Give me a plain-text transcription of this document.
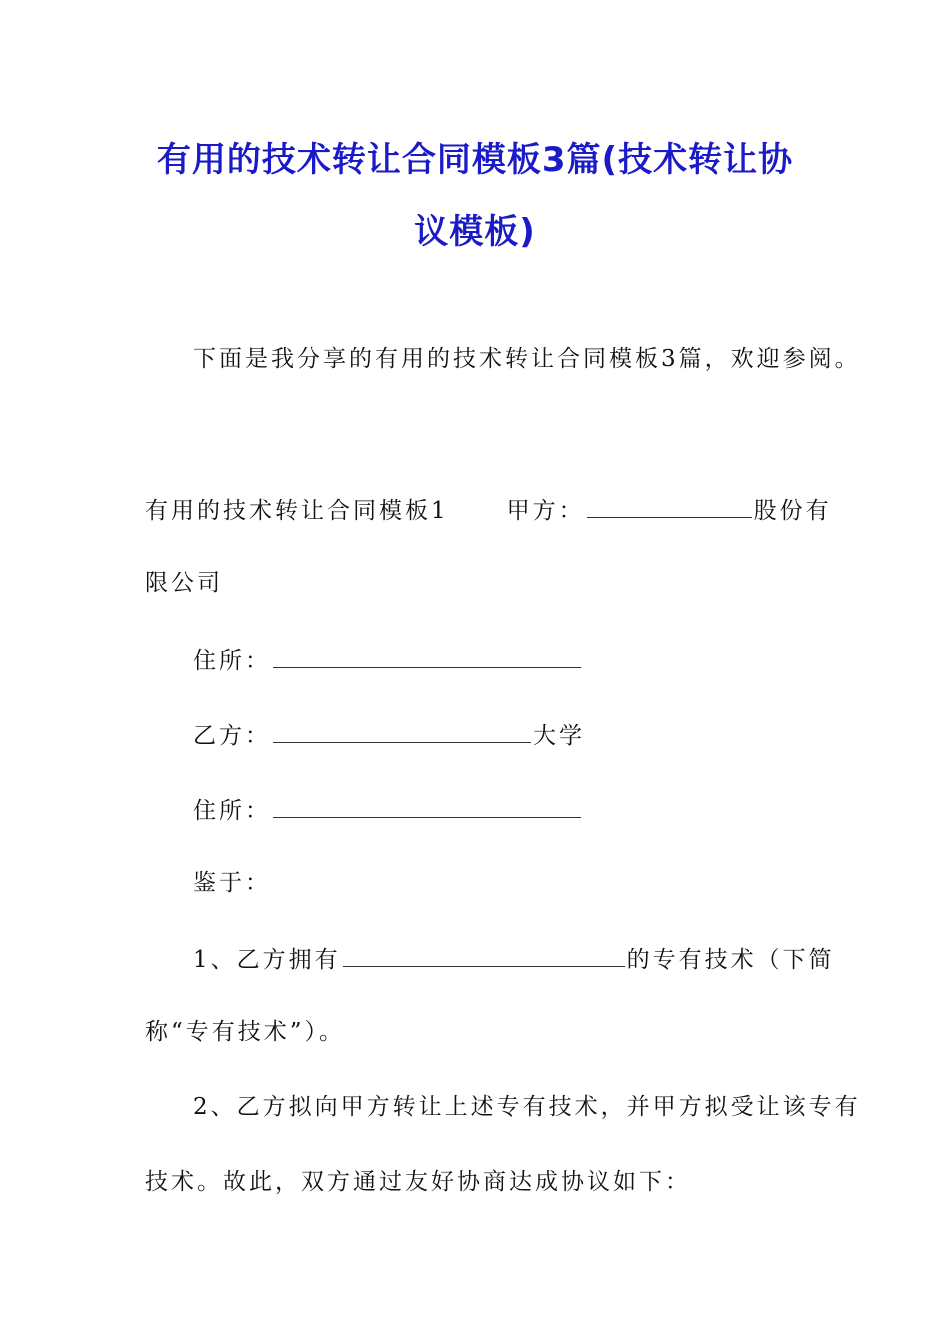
有用的技术转让合同模板3篇(技术转让协
议模板)
下面是我分享的有用的技术转让合同模板3篇，欢迎参阅。
有用的技术转让合同模板1	甲方：	股份有
限公司
住所：
乙方：	大学
住所：
鉴于：
1、乙方拥有	的专有技术（下简
称“专有技术”）。
2、乙方拟向甲方转让上述专有技术，并甲方拟受让该专有
技术。故此，双方通过友好协商达成协议如下：
